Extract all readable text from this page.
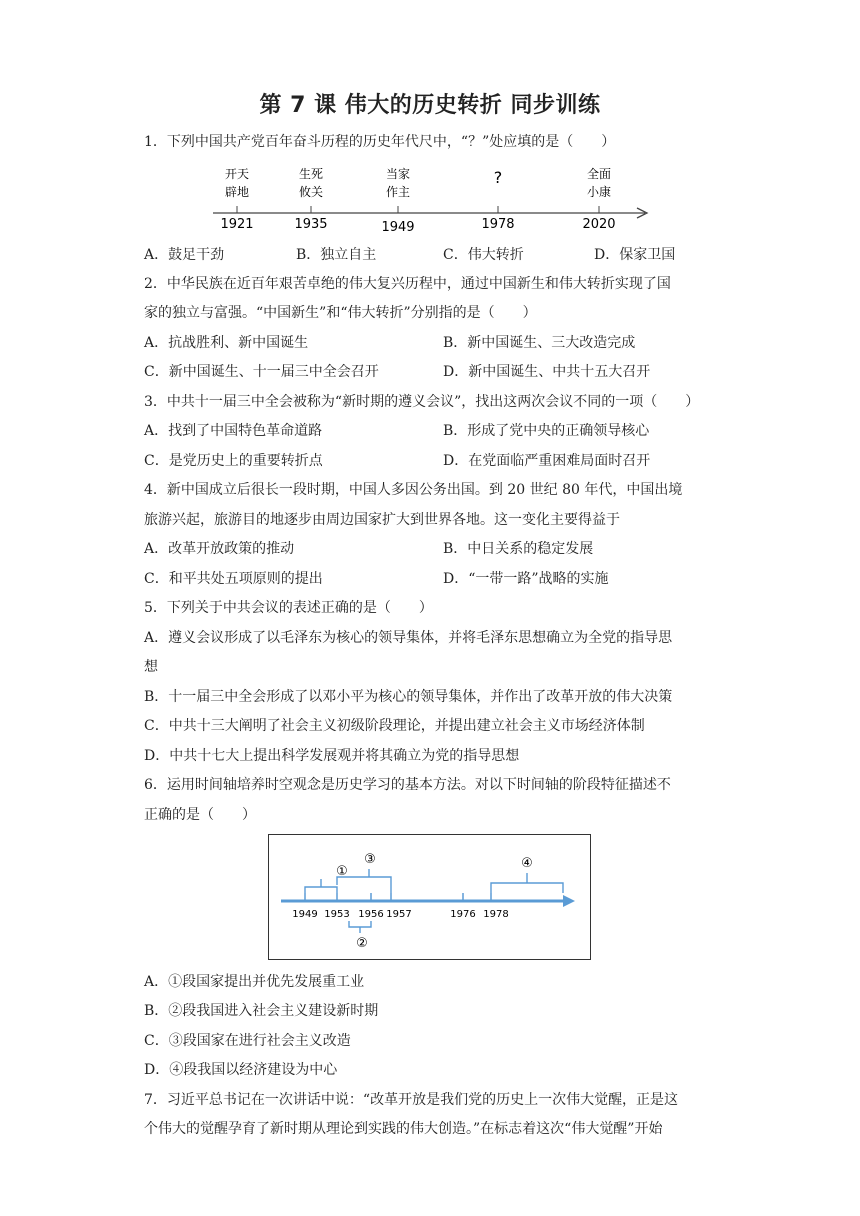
第 7 课 伟大的历史转折 同步训练
1．下列中国共产党百年奋斗历程的历史年代尺中，“？”处应填的是（　　）
开天
辟地
1921
生死
攸关
1935
当家
作主
1949
?
1978
全面
小康
2020
A．鼓足干劲	B．独立自主	C．伟大转折	D．保家卫国
2．中华民族在近百年艰苦卓绝的伟大复兴历程中，通过中国新生和伟大转折实现了国
家的独立与富强。“中国新生”和“伟大转折”分别指的是（　　）
A．抗战胜利、新中国诞生	B．新中国诞生、三大改造完成
C．新中国诞生、十一届三中全会召开	D．新中国诞生、中共十五大召开
3．中共十一届三中全会被称为“新时期的遵义会议”，找出这两次会议不同的一项（　　）
A．找到了中国特色革命道路	B．形成了党中央的正确领导核心
C．是党历史上的重要转折点	D．在党面临严重困难局面时召开
4．新中国成立后很长一段时期，中国人多因公务出国。到 20 世纪 80 年代，中国出境
旅游兴起，旅游目的地逐步由周边国家扩大到世界各地。这一变化主要得益于
A．改革开放政策的推动	B．中日关系的稳定发展
C．和平共处五项原则的提出	D．“一带一路”战略的实施
5．下列关于中共会议的表述正确的是（　　）
A．遵义会议形成了以毛泽东为核心的领导集体，并将毛泽东思想确立为全党的指导思
想
B．十一届三中全会形成了以邓小平为核心的领导集体，并作出了改革开放的伟大决策
C．中共十三大阐明了社会主义初级阶段理论，并提出建立社会主义市场经济体制
D．中共十七大上提出科学发展观并将其确立为党的指导思想
6．运用时间轴培养时空观念是历史学习的基本方法。对以下时间轴的阶段特征描述不
正确的是（　　）
1949 1953 1956 1957	1976 1978
①
③
②
④
A．①段国家提出并优先发展重工业
B．②段我国进入社会主义建设新时期
C．③段国家在进行社会主义改造
D．④段我国以经济建设为中心
7．习近平总书记在一次讲话中说：“改革开放是我们党的历史上一次伟大觉醒，正是这
个伟大的觉醒孕育了新时期从理论到实践的伟大创造。”在标志着这次“伟大觉醒”开始
